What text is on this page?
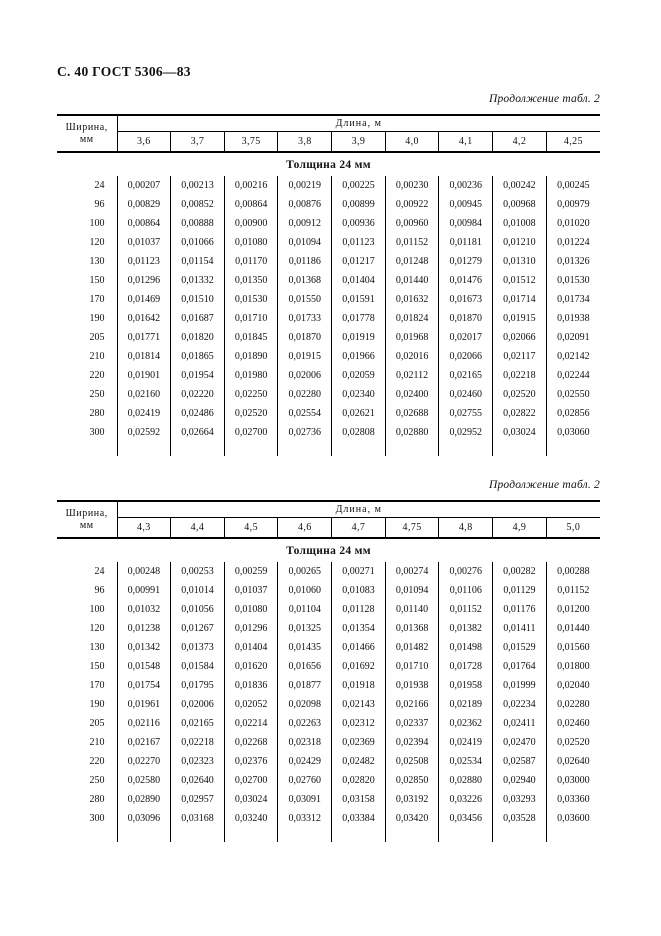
С. 40 ГОСТ 5306—83
Продолжение табл. 2
Ширина,
мм	Длина, м								
	3,6	3,7	3,75	3,8	3,9	4,0	4,1	4,2	4,25
Толщина 24 мм									
24	0,00207	0,00213	0,00216	0,00219	0,00225	0,00230	0,00236	0,00242	0,00245
96	0,00829	0,00852	0,00864	0,00876	0,00899	0,00922	0,00945	0,00968	0,00979
100	0,00864	0,00888	0,00900	0,00912	0,00936	0,00960	0,00984	0,01008	0,01020
120	0,01037	0,01066	0,01080	0,01094	0,01123	0,01152	0,01181	0,01210	0,01224
130	0,01123	0,01154	0,01170	0,01186	0,01217	0,01248	0,01279	0,01310	0,01326
150	0,01296	0,01332	0,01350	0,01368	0,01404	0,01440	0,01476	0,01512	0,01530
170	0,01469	0,01510	0,01530	0,01550	0,01591	0,01632	0,01673	0,01714	0,01734
190	0,01642	0,01687	0,01710	0,01733	0,01778	0,01824	0,01870	0,01915	0,01938
205	0,01771	0,01820	0,01845	0,01870	0,01919	0,01968	0,02017	0,02066	0,02091
210	0,01814	0,01865	0,01890	0,01915	0,01966	0,02016	0,02066	0,02117	0,02142
220	0,01901	0,01954	0,01980	0,02006	0,02059	0,02112	0,02165	0,02218	0,02244
250	0,02160	0,02220	0,02250	0,02280	0,02340	0,02400	0,02460	0,02520	0,02550
280	0,02419	0,02486	0,02520	0,02554	0,02621	0,02688	0,02755	0,02822	0,02856
300	0,02592	0,02664	0,02700	0,02736	0,02808	0,02880	0,02952	0,03024	0,03060

Продолжение табл. 2
Ширина,
мм	Длина, м								
	4,3	4,4	4,5	4,6	4,7	4,75	4,8	4,9	5,0
Толщина 24 мм									
24	0,00248	0,00253	0,00259	0,00265	0,00271	0,00274	0,00276	0,00282	0,00288
96	0,00991	0,01014	0,01037	0,01060	0,01083	0,01094	0,01106	0,01129	0,01152
100	0,01032	0,01056	0,01080	0,01104	0,01128	0,01140	0,01152	0,01176	0,01200
120	0,01238	0,01267	0,01296	0,01325	0,01354	0,01368	0,01382	0,01411	0,01440
130	0,01342	0,01373	0,01404	0,01435	0,01466	0,01482	0,01498	0,01529	0,01560
150	0,01548	0,01584	0,01620	0,01656	0,01692	0,01710	0,01728	0,01764	0,01800
170	0,01754	0,01795	0,01836	0,01877	0,01918	0,01938	0,01958	0,01999	0,02040
190	0,01961	0,02006	0,02052	0,02098	0,02143	0,02166	0,02189	0,02234	0,02280
205	0,02116	0,02165	0,02214	0,02263	0,02312	0,02337	0,02362	0,02411	0,02460
210	0,02167	0,02218	0,02268	0,02318	0,02369	0,02394	0,02419	0,02470	0,02520
220	0,02270	0,02323	0,02376	0,02429	0,02482	0,02508	0,02534	0,02587	0,02640
250	0,02580	0,02640	0,02700	0,02760	0,02820	0,02850	0,02880	0,02940	0,03000
280	0,02890	0,02957	0,03024	0,03091	0,03158	0,03192	0,03226	0,03293	0,03360
300	0,03096	0,03168	0,03240	0,03312	0,03384	0,03420	0,03456	0,03528	0,03600
